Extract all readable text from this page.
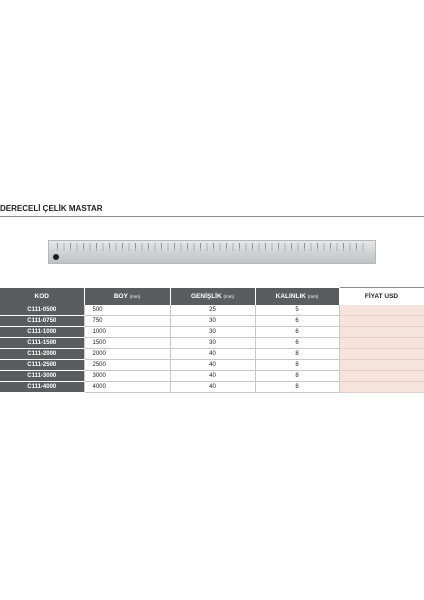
DERECELİ ÇELİK MASTAR
KOD	BOY (mm)	GENİŞLİK (mm)	KALINLIK (mm)	FİYAT USD
C111-0500	500	25	5	
C111-0750	750	30	6	
C111-1000	1000	30	6	
C111-1500	1500	30	6	
C111-2000	2000	40	8	
C111-2500	2500	40	8	
C111-3000	3000	40	8	
C111-4000	4000	40	8	
